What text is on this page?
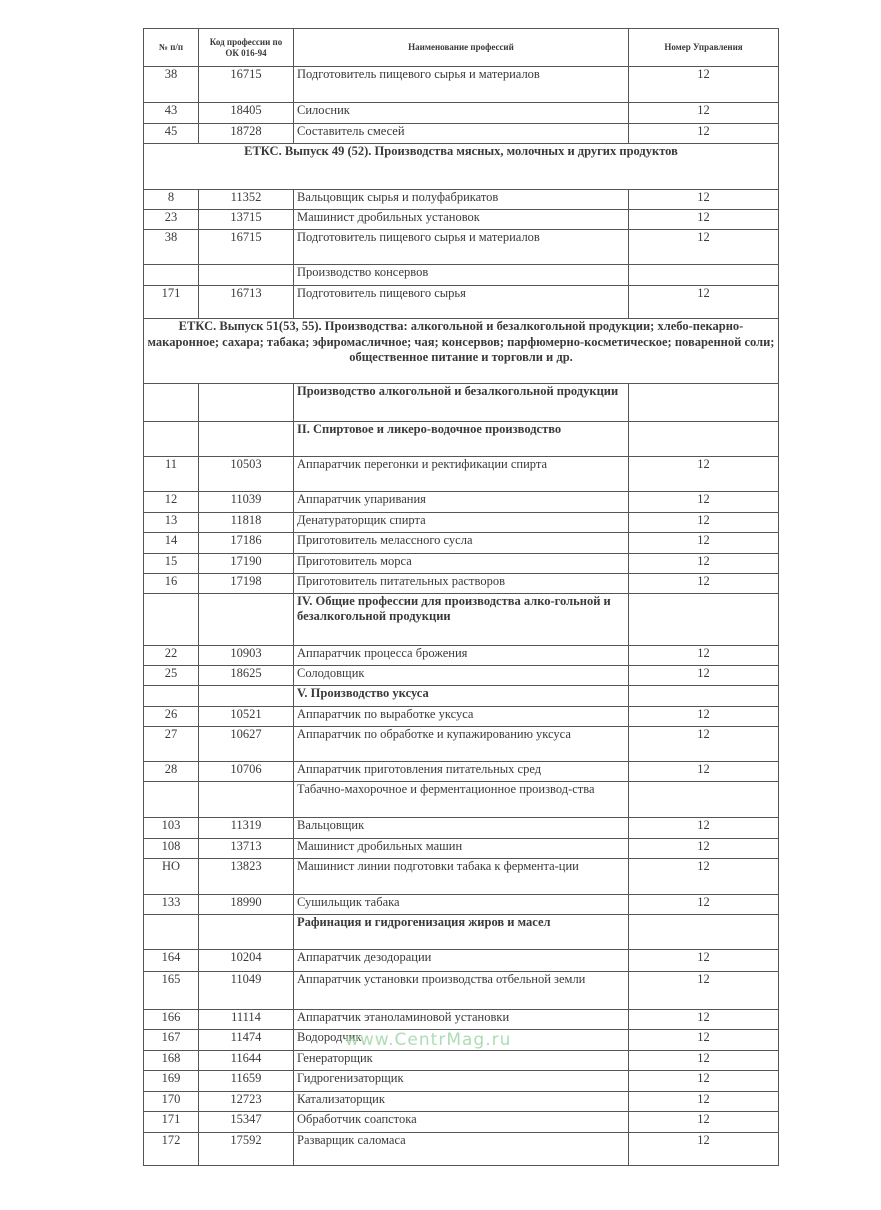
№ п/п	Код профессии по ОК 016-94	Наименование профессий	Номер Управления
38	16715	Подготовитель пищевого сырья и материалов	12
43	18405	Силосник	12
45	18728	Составитель смесей	12
ЕТКС. Выпуск 49 (52). Производства мясных, молочных и других продуктов			
8	11352	Вальцовщик сырья и полуфабрикатов	12
23	13715	Машинист дробильных установок	12
38	16715	Подготовитель пищевого сырья и материалов	12
		Производство консервов	
171	16713	Подготовитель пищевого сырья	12
ЕТКС. Выпуск 51(53, 55). Производства: алкогольной и безалкогольной продукции; хлебо-пекарно-макаронное; сахара; табака; эфиромасличное; чая; консервов; парфюмерно-косметическое; поваренной соли; общественное питание и торговли и др.			
		Производство алкогольной и безалкогольной продукции	
		II. Спиртовое и ликеро-водочное производство	
11	10503	Аппаратчик перегонки и ректификации спирта	12
12	11039	Аппаратчик упаривания	12
13	11818	Денатураторщик спирта	12
14	17186	Приготовитель мелассного сусла	12
15	17190	Приготовитель морса	12
16	17198	Приготовитель питательных растворов	12
		IV. Общие профессии для производства алко-гольной и безалкогольной продукции	
22	10903	Аппаратчик процесса брожения	12
25	18625	Солодовщик	12
		V. Производство уксуса	
26	10521	Аппаратчик по выработке уксуса	12
27	10627	Аппаратчик по обработке и купажированию уксуса	12
28	10706	Аппаратчик приготовления питательных сред	12
		Табачно-махорочное и ферментационное производ-ства	
103	11319	Вальцовщик	12
108	13713	Машинист дробильных машин	12
НО	13823	Машинист линии подготовки табака к фермента-ции	12
133	18990	Сушильщик табака	12
		Рафинация и гидрогенизация жиров и масел	
164	10204	Аппаратчик дезодорации	12
165	11049	Аппаратчик установки производства отбельной земли	12
166	11114	Аппаратчик этаноламиновой установки	12
167	11474	Водородчик	12
168	11644	Генераторщик	12
169	11659	Гидрогенизаторщик	12
170	12723	Катализаторщик	12
171	15347	Обработчик соапстока	12
172	17592	Разварщик саломаса	12
www.CentrMag.ru
